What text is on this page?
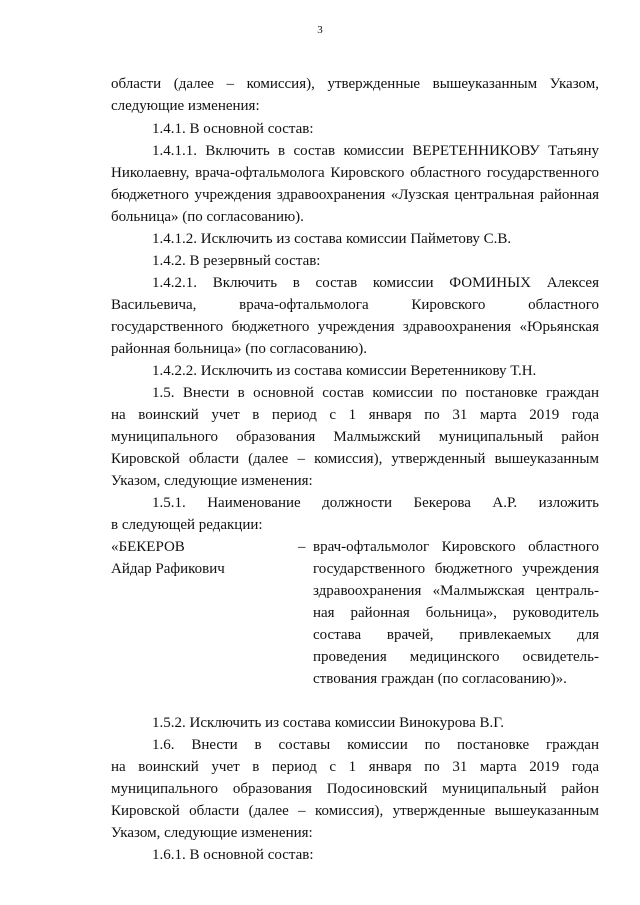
3
области (далее – комиссия), утвержденные вышеуказанным Указом,
следующие изменения:
1.4.1. В основной состав:
1.4.1.1. Включить в состав комиссии ВЕРЕТЕННИКОВУ Татьяну
Николаевну, врача-офтальмолога Кировского областного государственного
бюджетного учреждения здравоохранения «Лузская центральная районная
больница» (по согласованию).
1.4.1.2. Исключить из состава комиссии Пайметову С.В.
1.4.2. В резервный состав:
1.4.2.1. Включить в состав комиссии ФОМИНЫХ Алексея
Васильевича, врача-офтальмолога Кировского областного
государственного бюджетного учреждения здравоохранения «Юрьянская
районная больница» (по согласованию).
1.4.2.2. Исключить из состава комиссии Веретенникову Т.Н.
1.5. Внести в основной состав комиссии по постановке граждан
на воинский учет в период с 1 января по 31 марта 2019 года
муниципального образования Малмыжский муниципальный район
Кировской области (далее – комиссия), утвержденный вышеуказанным
Указом, следующие изменения:
1.5.1. Наименование должности Бекерова А.Р. изложить
в следующей редакции:
«БЕКЕРОВ
Айдар Рафикович
– врач-офтальмолог Кировского областного
государственного бюджетного учреждения
здравоохранения «Малмыжская централь-
ная районная больница», руководитель
состава врачей, привлекаемых для
проведения медицинского освидетель-
ствования граждан (по согласованию)».
1.5.2. Исключить из состава комиссии Винокурова В.Г.
1.6. Внести в составы комиссии по постановке граждан
на воинский учет в период с 1 января по 31 марта 2019 года
муниципального образования Подосиновский муниципальный район
Кировской области (далее – комиссия), утвержденные вышеуказанным
Указом, следующие изменения:
1.6.1. В основной состав:
